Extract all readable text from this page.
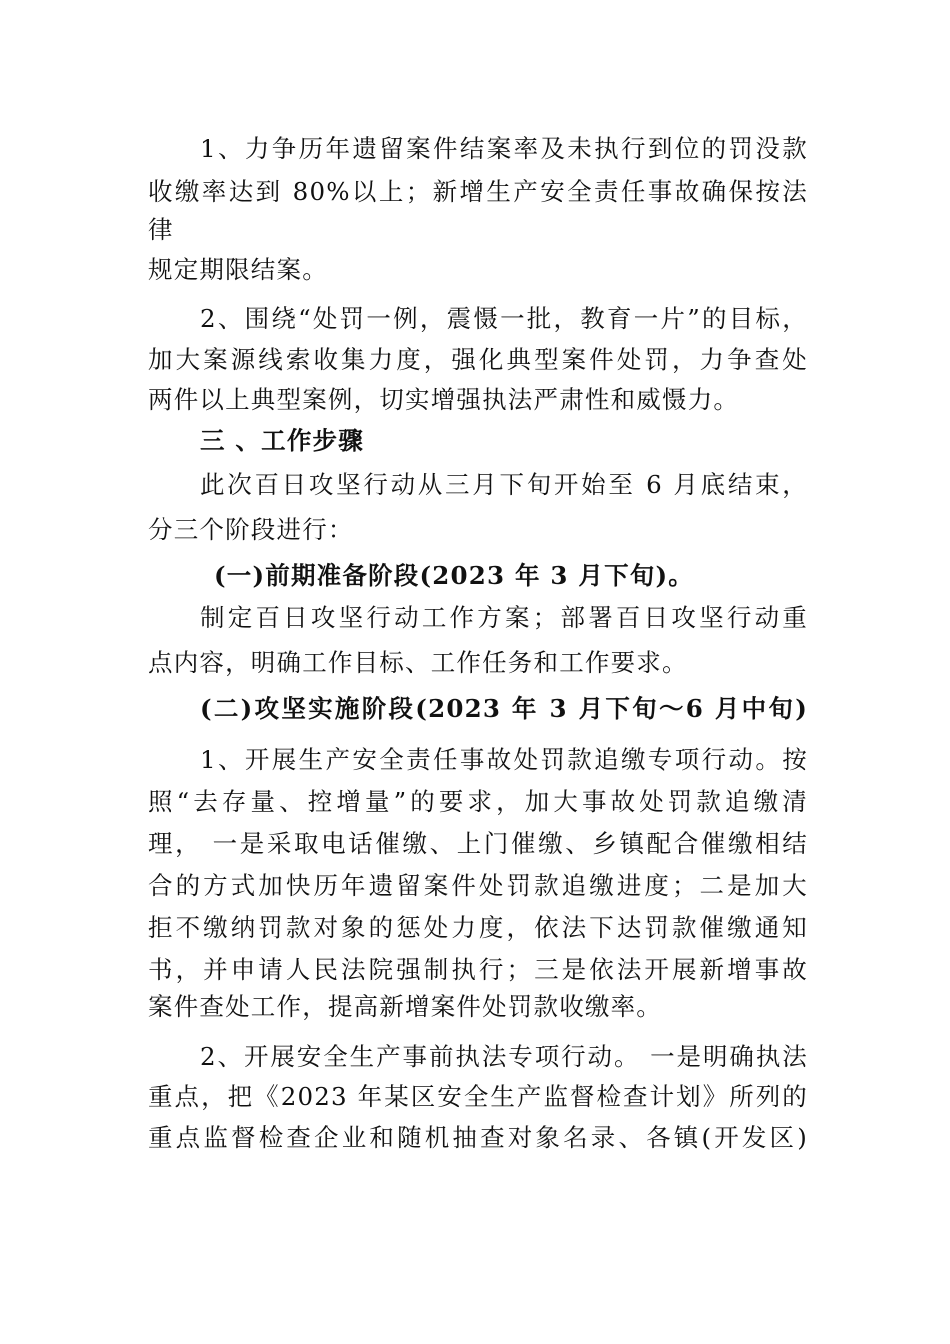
1、力争历年遗留案件结案率及未执行到位的罚没款
收缴率达到 80%以上；新增生产安全责任事故确保按法
律
规定期限结案。
2、围绕“处罚一例，震慑一批，教育一片”的目标，
加大案源线索收集力度，强化典型案件处罚，力争查处
两件以上典型案例，切实增强执法严肃性和威慑力。
三 、工作步骤
此次百日攻坚行动从三月下旬开始至 6 月底结束，
分三个阶段进行：
(一)前期准备阶段(2023 年 3 月下旬)。
制定百日攻坚行动工作方案；部署百日攻坚行动重
点内容，明确工作目标、工作任务和工作要求。
(二)攻坚实施阶段(2023 年 3 月下旬～6 月中旬)
1、开展生产安全责任事故处罚款追缴专项行动。按
照“去存量、控增量”的要求，加大事故处罚款追缴清
理， 一是采取电话催缴、上门催缴、乡镇配合催缴相结
合的方式加快历年遗留案件处罚款追缴进度；二是加大
拒不缴纳罚款对象的惩处力度，依法下达罚款催缴通知
书，并申请人民法院强制执行；三是依法开展新增事故
案件查处工作，提高新增案件处罚款收缴率。
2、开展安全生产事前执法专项行动。 一是明确执法
重点，把《2023 年某区安全生产监督检查计划》所列的
重点监督检查企业和随机抽查对象名录、各镇(开发区)
